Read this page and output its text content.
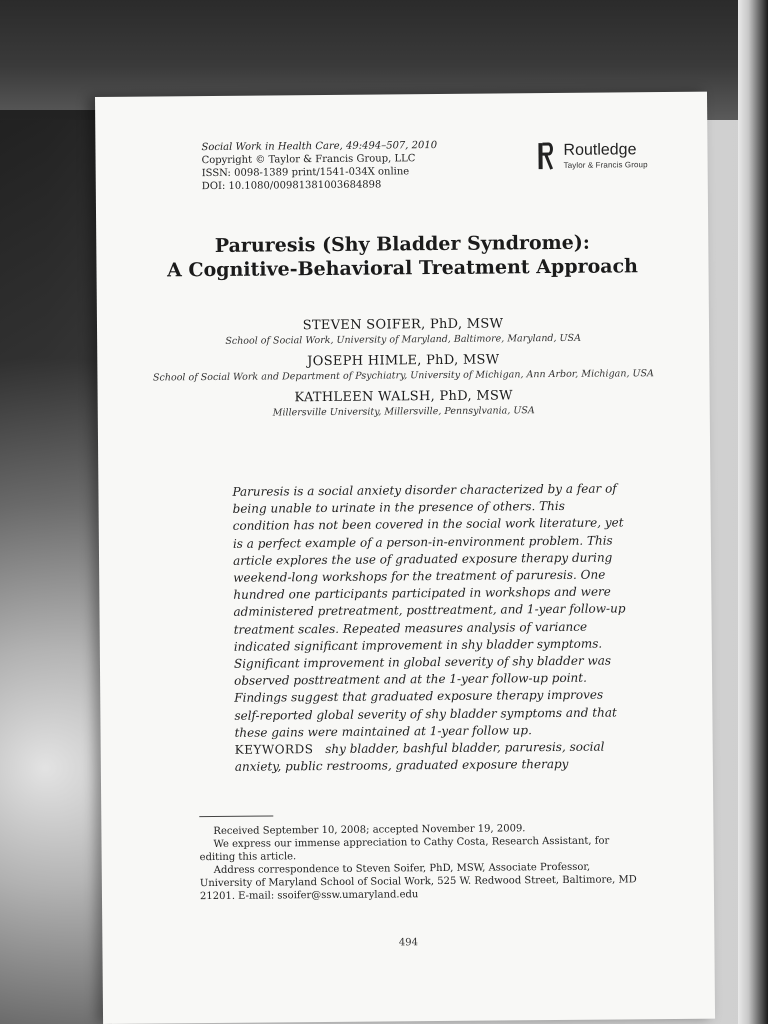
Social Work in Health Care, 49:494–507, 2010
Copyright © Taylor & Francis Group, LLC
ISSN: 0098-1389 print/1541-034X online
DOI: 10.1080/00981381003684898
Routledge
Taylor & Francis Group
Paruresis (Shy Bladder Syndrome):
A Cognitive-Behavioral Treatment Approach
STEVEN SOIFER, PhD, MSW
School of Social Work, University of Maryland, Baltimore, Maryland, USA
JOSEPH HIMLE, PhD, MSW
School of Social Work and Department of Psychiatry, University of Michigan, Ann Arbor, Michigan, USA
KATHLEEN WALSH, PhD, MSW
Millersville University, Millersville, Pennsylvania, USA

Paruresis is a social anxiety disorder characterized by a fear of being unable to urinate in the presence of others. This condition has not been covered in the social work literature, yet is a perfect example of a person-in-environment problem. This article explores the use of graduated exposure therapy during weekend-long workshops for the treatment of paruresis. One hundred one participants participated in workshops and were administered pretreatment, posttreatment, and 1-year follow-up treatment scales. Repeated measures analysis of variance indicated significant improvement in shy bladder symptoms. Significant improvement in global severity of shy bladder was observed posttreatment and at the 1-year follow-up point. Findings suggest that graduated exposure therapy improves self-reported global severity of shy bladder symptoms and that these gains were maintained at 1-year follow up.

KEYWORDS shy bladder, bashful bladder, paruresis, social anxiety, public restrooms, graduated exposure therapy

Received September 10, 2008; accepted November 19, 2009.

We express our immense appreciation to Cathy Costa, Research Assistant, for editing this article.

Address correspondence to Steven Soifer, PhD, MSW, Associate Professor, University of Maryland School of Social Work, 525 W. Redwood Street, Baltimore, MD 21201. E-mail: ssoifer@ssw.umaryland.edu

494
